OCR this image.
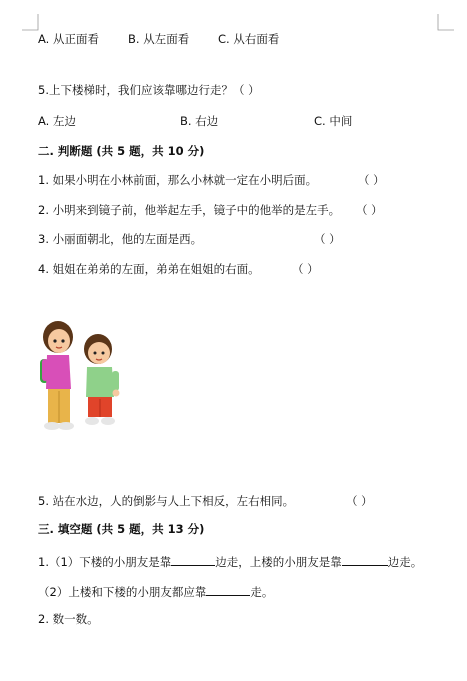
A. 从正面看	B. 从左面看	C. 从右面看
5.上下楼梯时，我们应该靠哪边行走？（ ）
A. 左边	B. 右边	C. 中间
二. 判断题 (共 5 题，共 10 分)
1. 如果小明在小林前面，那么小林就一定在小明后面。	（ ）
2. 小明来到镜子前，他举起左手，镜子中的他举的是左手。 （ ）
3. 小丽面朝北，他的左面是西。	（ ）
4. 姐姐在弟弟的左面，弟弟在姐姐的右面。	（ ）
5. 站在水边，人的倒影与人上下相反，左右相同。	（ ）
三. 填空题 (共 5 题，共 13 分)
1.（1）下楼的小朋友是靠	边走，上楼的小朋友是靠	边走。
（2）上楼和下楼的小朋友都应靠	走。
2. 数一数。
